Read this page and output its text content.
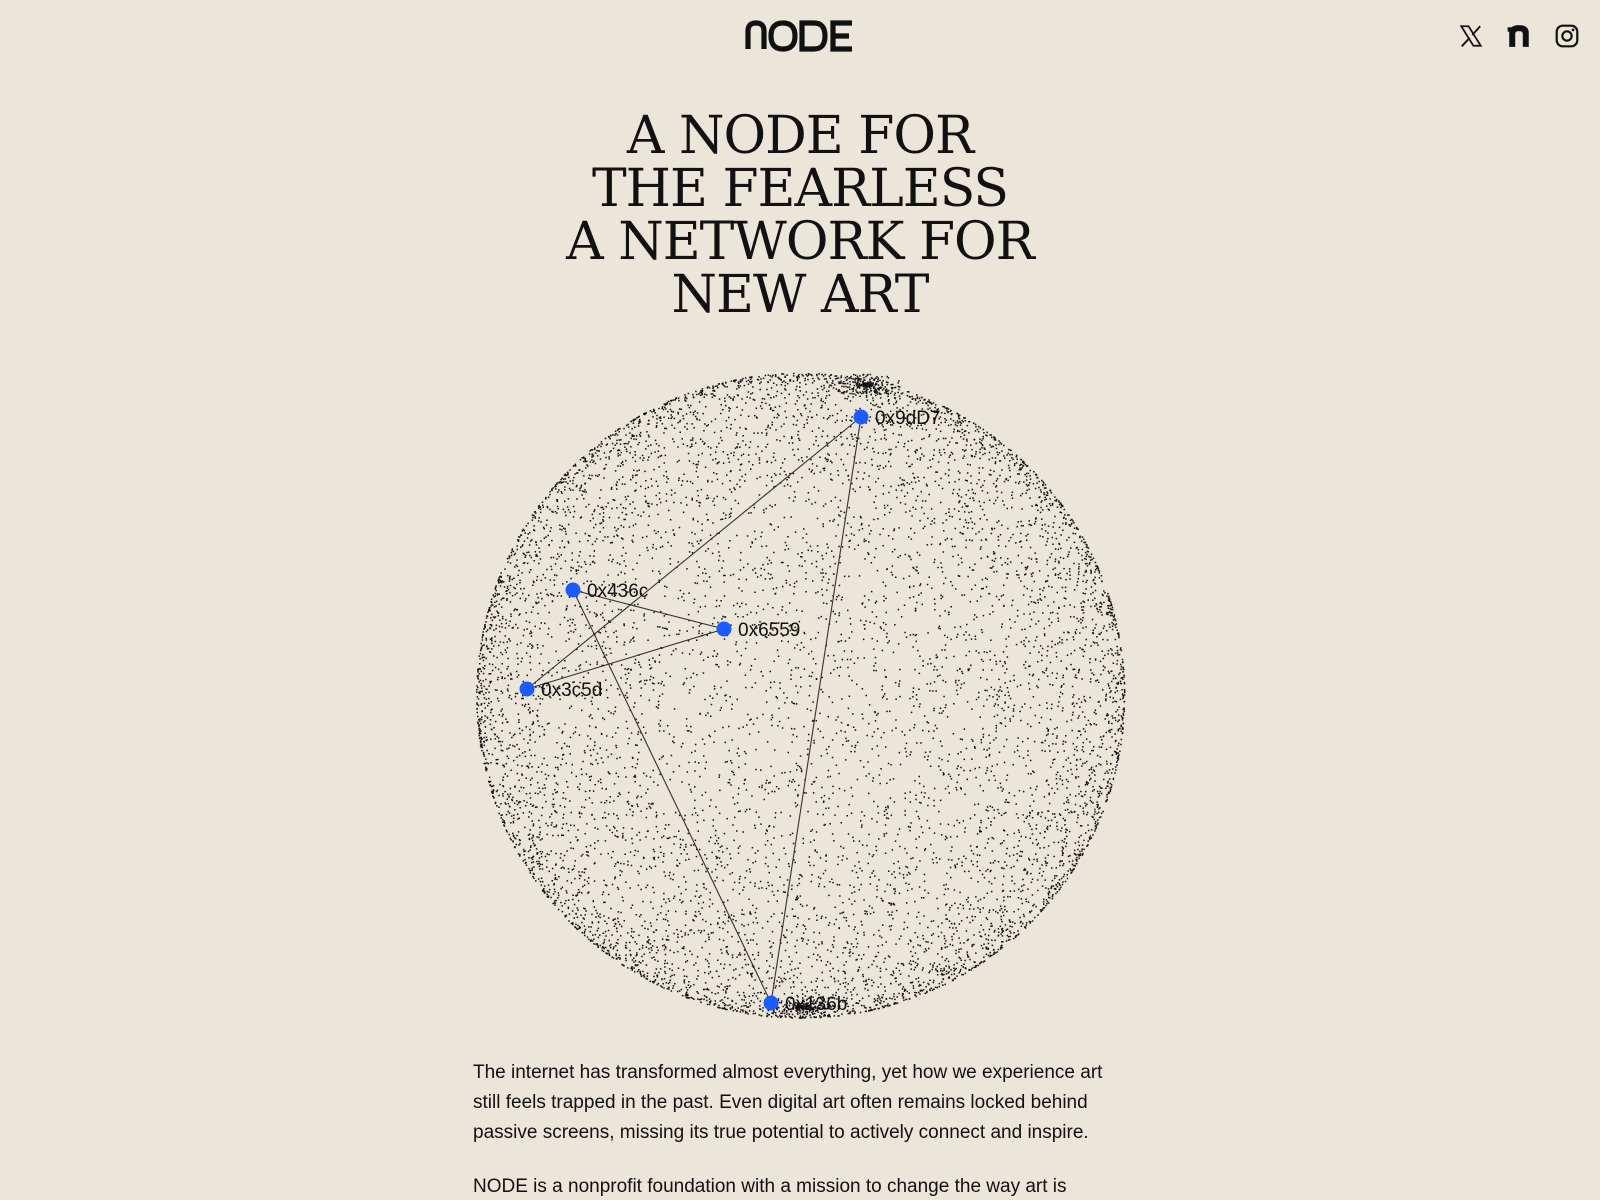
A NODE FOR
THE FEARLESS
A NETWORK FOR
NEW ART
0x9dD7
0x436c
0x6559
0x3c5d
0x136b

The internet has transformed almost everything, yet how we experience art still feels trapped in the past. Even digital art often remains locked behind passive screens, missing its true potential to actively connect and inspire.

NODE is a nonprofit foundation with a mission to change the way art is
